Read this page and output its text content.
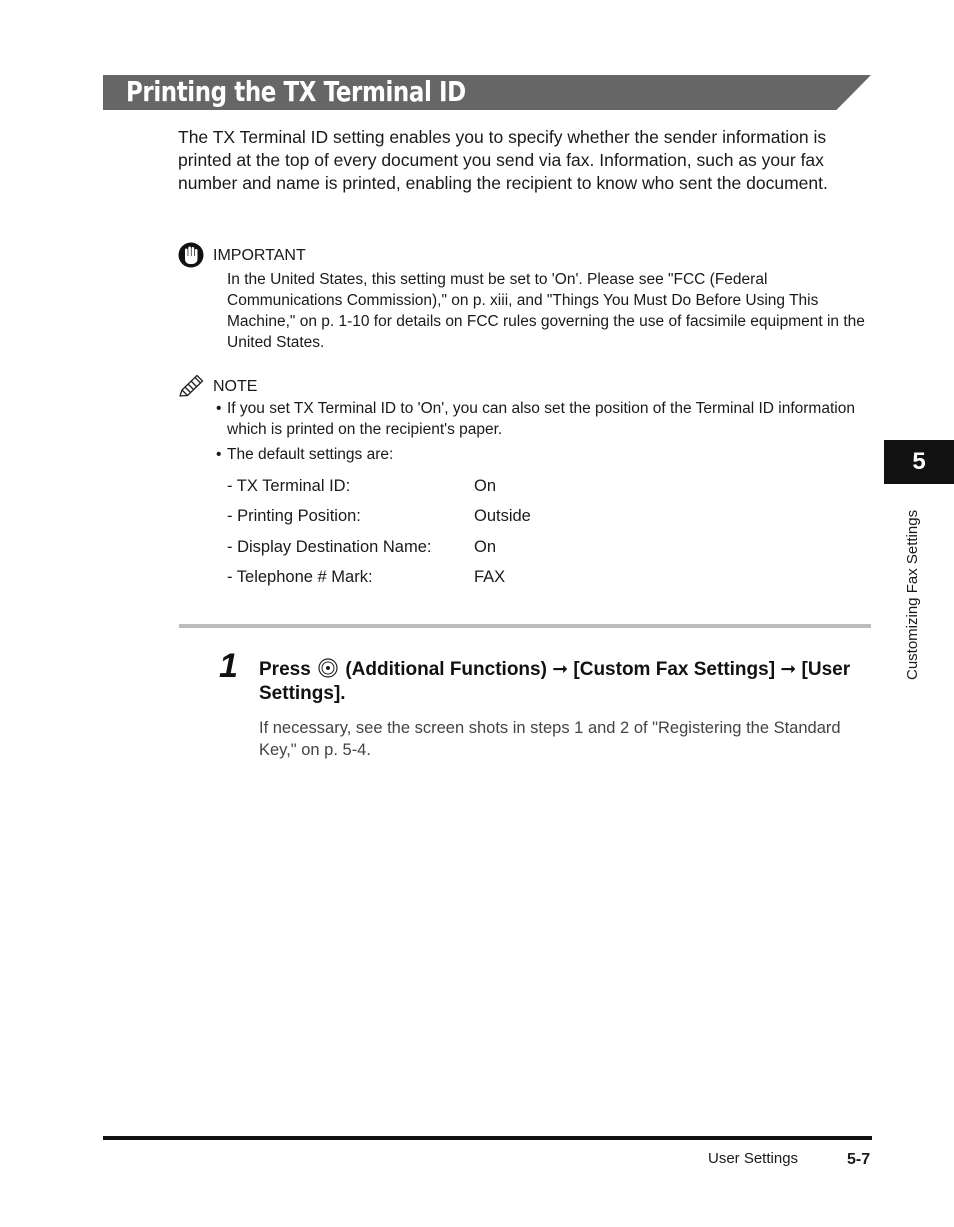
Printing the TX Terminal ID
The TX Terminal ID setting enables you to specify whether the sender information is printed at the top of every document you send via fax. Information, such as your fax number and name is printed, enabling the recipient to know who sent the document.
IMPORTANT
In the United States, this setting must be set to 'On'. Please see "FCC (Federal Communications Commission)," on p. xiii, and "Things You Must Do Before Using This Machine," on p. 1-10 for details on FCC rules governing the use of facsimile equipment in the United States.
NOTE
• If you set TX Terminal ID to 'On', you can also set the position of the Terminal ID information which is printed on the recipient's paper.
• The default settings are:
- TX Terminal ID:	On
- Printing Position:	Outside
- Display Destination Name:	On
- Telephone # Mark:	FAX
1 Press (Additional Functions) ➞ [Custom Fax Settings] ➞ [User Settings].
If necessary, see the screen shots in steps 1 and 2 of "Registering the Standard Key," on p. 5-4.
5
Customizing Fax Settings
User Settings	5-7
